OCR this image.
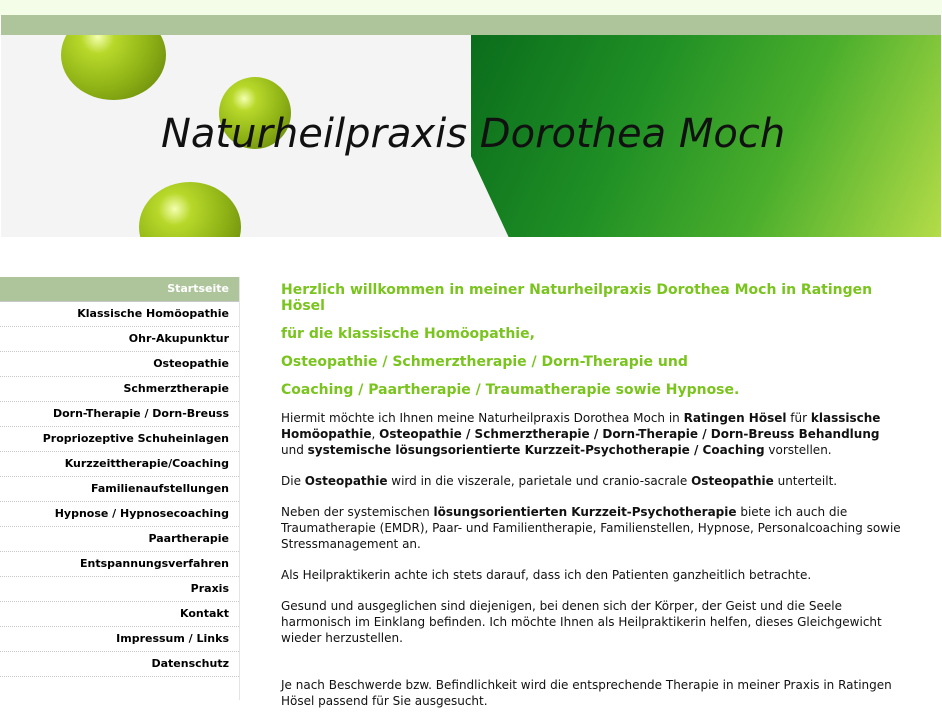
Naturheilpraxis Dorothea Moch
Startseite
Klassische Homöopathie
Ohr-Akupunktur
Osteopathie
Schmerztherapie
Dorn-Therapie / Dorn-Breuss
Propriozeptive Schuheinlagen
Kurzzeittherapie/Coaching
Familienaufstellungen
Hypnose / Hypnosecoaching
Paartherapie
Entspannungsverfahren
Praxis
Kontakt
Impressum / Links
Datenschutz
Herzlich willkommen in meiner Naturheilpraxis Dorothea Moch in Ratingen Hösel
für die klassische Homöopathie,
Osteopathie / Schmerztherapie / Dorn-Therapie und
Coaching / Paartherapie / Traumatherapie sowie Hypnose.

Hiermit möchte ich Ihnen meine Naturheilpraxis Dorothea Moch in Ratingen Hösel für klassische Homöopathie, Osteopathie / Schmerztherapie / Dorn-Therapie / Dorn-Breuss Behandlung und systemische lösungsorientierte Kurzzeit-Psychotherapie / Coaching vorstellen.

Die Osteopathie wird in die viszerale, parietale und cranio-sacrale Osteopathie unterteilt.

Neben der systemischen lösungsorientierten Kurzzeit-Psychotherapie biete ich auch die Traumatherapie (EMDR), Paar- und Familientherapie, Familienstellen, Hypnose, Personalcoaching sowie Stressmanagement an.

Als Heilpraktikerin achte ich stets darauf, dass ich den Patienten ganzheitlich betrachte.

Gesund und ausgeglichen sind diejenigen, bei denen sich der Körper, der Geist und die Seele harmonisch im Einklang befinden. Ich möchte Ihnen als Heilpraktikerin helfen, dieses Gleichgewicht wieder herzustellen.

Je nach Beschwerde bzw. Befindlichkeit wird die entsprechende Therapie in meiner Praxis in Ratingen Hösel passend für Sie ausgesucht.
